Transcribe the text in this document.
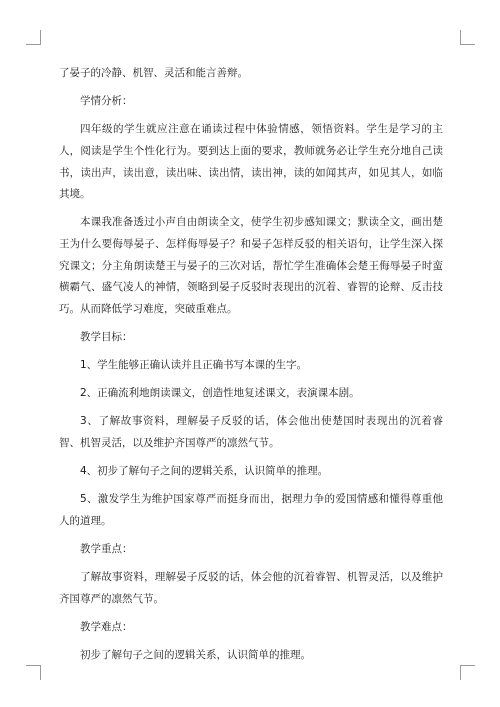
了晏子的冷静、机智、灵活和能言善辩。

学情分析：

四年级的学生就应注意在诵读过程中体验情感，领悟资料。学生是学习的主人，阅读是学生个性化行为。要到达上面的要求，教师就务必让学生充分地自己读书，读出声，读出意，读出味、读出情，读出神，读的如闻其声，如见其人，如临其境。

本课我准备透过小声自由朗读全文，使学生初步感知课文；默读全文，画出楚王为什么要侮辱晏子、怎样侮辱晏子？和晏子怎样反驳的相关语句，让学生深入探究课文；分主角朗读楚王与晏子的三次对话，帮忙学生准确体会楚王侮辱晏子时蛮横霸气、盛气凌人的神情，领略到晏子反驳时表现出的沉着、睿智的论辩、反击技巧。从而降低学习难度，突破重难点。

教学目标：

1、学生能够正确认读并且正确书写本课的生字。

2、正确流利地朗读课文，创造性地复述课文，表演课本剧。

3、了解故事资料，理解晏子反驳的话，体会他出使楚国时表现出的沉着睿智、机智灵活，以及维护齐国尊严的凛然气节。

4、初步了解句子之间的逻辑关系，认识简单的推理。

5、激发学生为维护国家尊严而挺身而出，据理力争的爱国情感和懂得尊重他人的道理。

教学重点：

了解故事资料，理解晏子反驳的话，体会他的沉着睿智、机智灵活，以及维护齐国尊严的凛然气节。

教学难点：

初步了解句子之间的逻辑关系，认识简单的推理。
